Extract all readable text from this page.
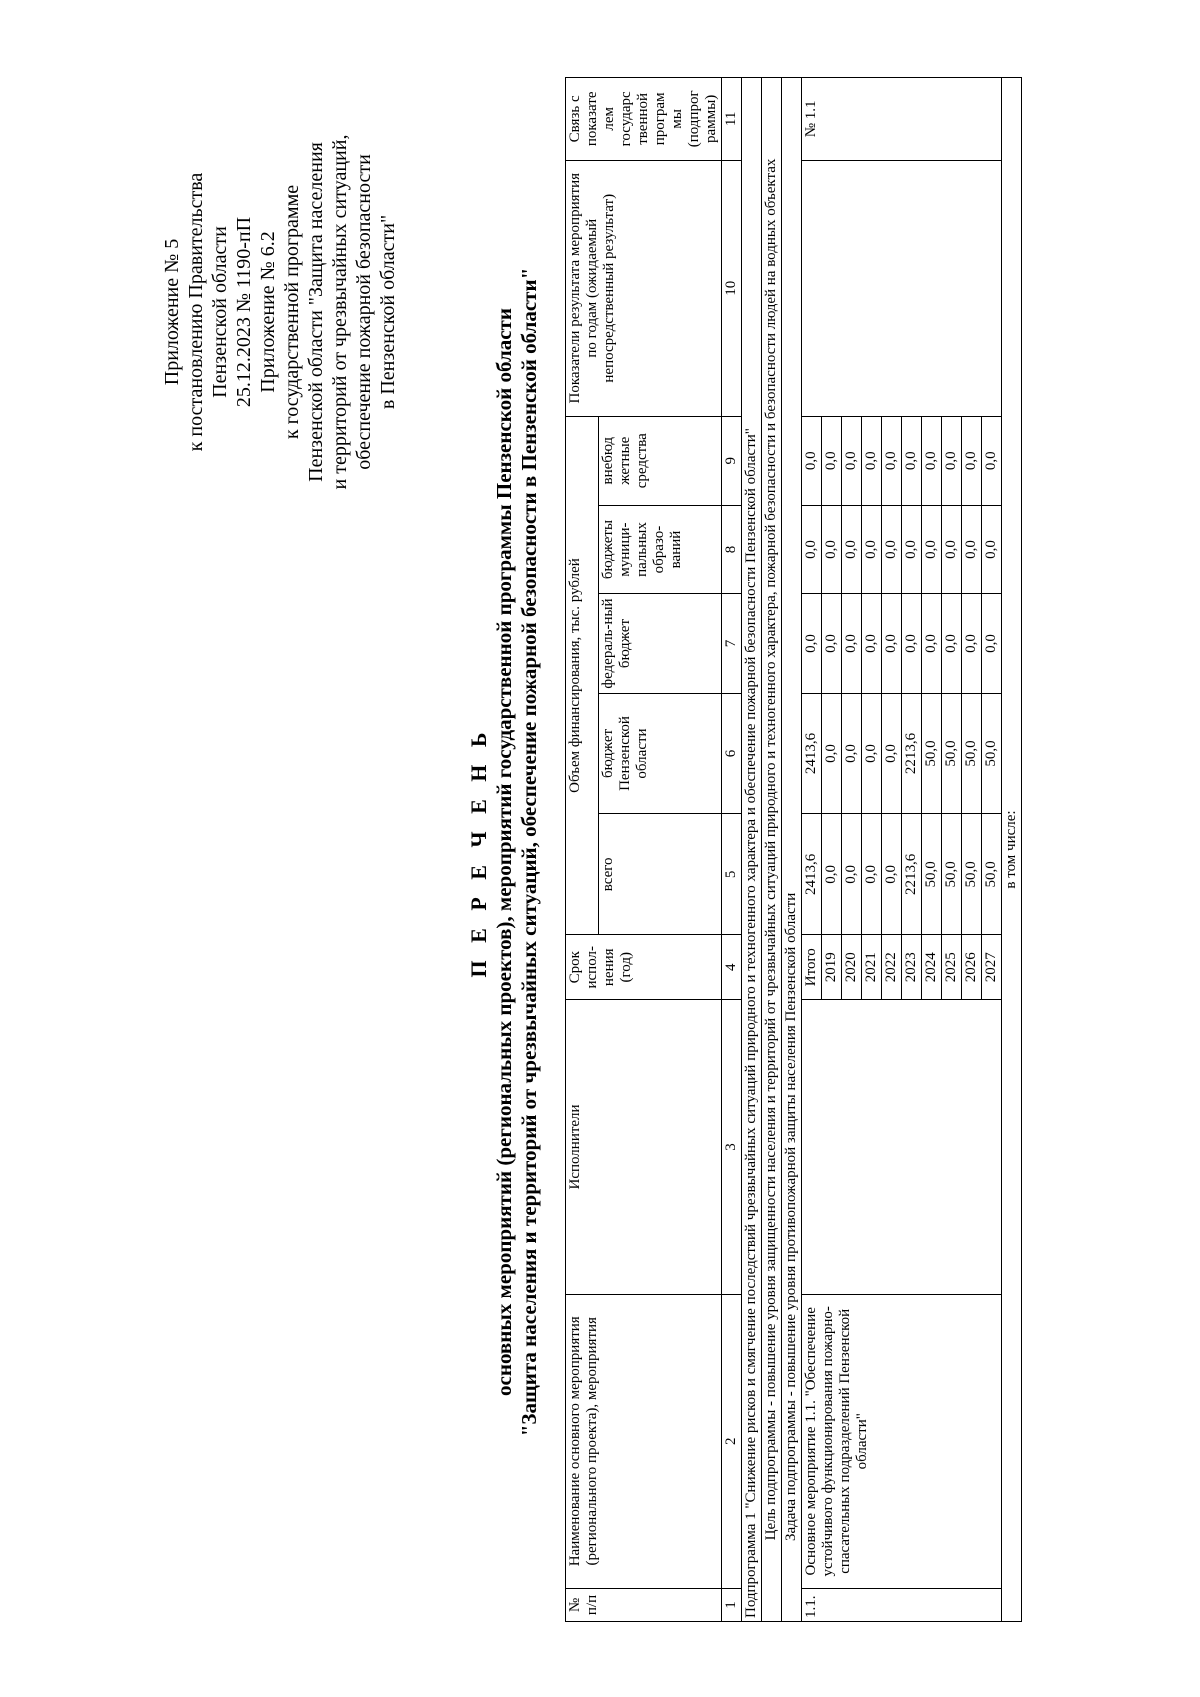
Приложение № 5 к постановлению Правительства Пензенской области 25.12.2023 № 1190-пП Приложение № 6.2 к государственной программе Пензенской области "Защита населения и территорий от чрезвычайных ситуаций, обеспечение пожарной безопасности в Пензенской области"
П Е Р Е Ч Е Н Ь основных мероприятий (региональных проектов), мероприятий государственной программы Пензенской области "Защита населения и территорий от чрезвычайных ситуаций, обеспечение пожарной безопасности в Пензенской области"
№ п/п	Наименование основного мероприятия (регионального проекта), мероприятия	Исполнители	Срок испол-нения (год)	Объем финансирования, тыс. рублей					Показатели результата мероприятия по годам (ожидаемый непосредственный результат)	Связь с показате лем государс твенной програм мы (подпрог раммы)
				всего	бюджет Пензенской области	федераль-ный бюджет	бюджеты муници-пальных образо-ваний	внебюд жетные средства		
1	2	3	4	5	6	7	8	9	10	11
Подпрограмма 1 "Снижение рисков и смягчение последствий чрезвычайных ситуаций природного и техногенного характера и обеспечение пожарной безопасности Пензенской области"										
Цель подпрограммы - повышение уровня защищенности населения и территорий от чрезвычайных ситуаций природного и техногенного характера, пожарной безопасности и безопасности людей на водных объектах										
Задача подпрограммы - повышение уровня противопожарной защиты населения Пензенской области										
1.1.	Основное мероприятие 1.1. "Обеспечение устойчивого функционирования пожарно-спасательных подразделений Пензенской области"		Итого	2413,6	2413,6	0,0	0,0	0,0		№ 1.1
			2019	0,0	0,0	0,0	0,0	0,0		
			2020	0,0	0,0	0,0	0,0	0,0		
			2021	0,0	0,0	0,0	0,0	0,0		
			2022	0,0	0,0	0,0	0,0	0,0		
			2023	2213,6	2213,6	0,0	0,0	0,0		
			2024	50,0	50,0	0,0	0,0	0,0		
			2025	50,0	50,0	0,0	0,0	0,0		
			2026	50,0	50,0	0,0	0,0	0,0		
			2027	50,0	50,0	0,0	0,0	0,0		
в том числе:										
